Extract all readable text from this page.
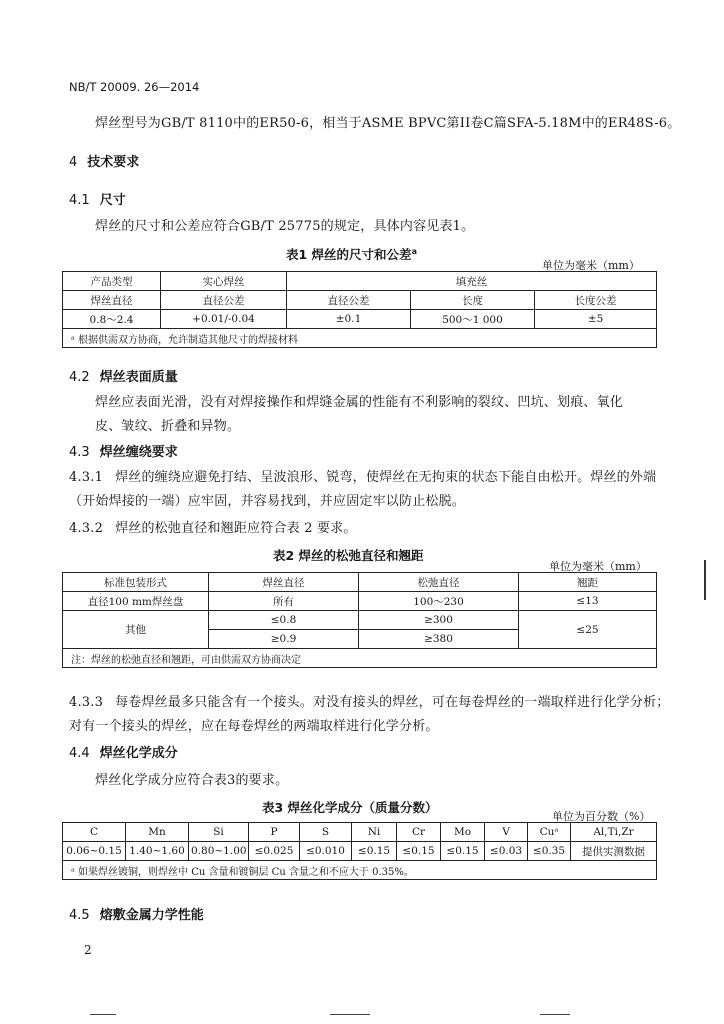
NB/T 20009. 26—2014
焊丝型号为GB/T 8110中的ER50-6，相当于ASME BPVC第II卷C篇SFA-5.18M中的ER48S-6。
4 技术要求
4.1 尺寸
焊丝的尺寸和公差应符合GB/T 25775的规定，具体内容见表1。
表1 焊丝的尺寸和公差$^a$
单位为毫米（mm）
产品类型	实心焊丝	填充丝		
焊丝直径	直径公差	直径公差	长度	长度公差
0.8～2.4	+0.01/-0.04	±0.1	500～1 000	±5
ᵃ 根据供需双方协商，允许制造其他尺寸的焊接材料				
4.2 焊丝表面质量
焊丝应表面光滑，没有对焊接操作和焊缝金属的性能有不利影响的裂纹、凹坑、划痕、氧化皮、皱纹、折叠和异物。
4.3 焊丝缠绕要求
4.3.1 焊丝的缠绕应避免打结、呈波浪形、锐弯，使焊丝在无拘束的状态下能自由松开。焊丝的外端
（开始焊接的一端）应牢固，并容易找到，并应固定牢以防止松脱。
4.3.2 焊丝的松弛直径和翘距应符合表 2 要求。
表2 焊丝的松弛直径和翘距
单位为毫米（mm）
标准包装形式	焊丝直径	松弛直径	翘距
直径100 mm焊丝盘	所有	100～230	≤13
其他	≤0.8	≥300	≤25
	≥0.9	≥380	
注：焊丝的松弛直径和翘距，可由供需双方协商决定			
4.3.3 每卷焊丝最多只能含有一个接头。对没有接头的焊丝，可在每卷焊丝的一端取样进行化学分析；
对有一个接头的焊丝，应在每卷焊丝的两端取样进行化学分析。
4.4 焊丝化学成分
焊丝化学成分应符合表3的要求。
表3 焊丝化学成分（质量分数）
单位为百分数（%）
C	Mn	Si	P	S	Ni	Cr	Mo	V	Cuᵃ	Al,Ti,Zr
0.06~0.15	1.40~1.60	0.80~1.00	≤0.025	≤0.010	≤0.15	≤0.15	≤0.15	≤0.03	≤0.35	提供实测数据
ᵃ 如果焊丝镀铜，则焊丝中 Cu 含量和镀铜层 Cu 含量之和不应大于 0.35%。										
4.5 熔敷金属力学性能
2
